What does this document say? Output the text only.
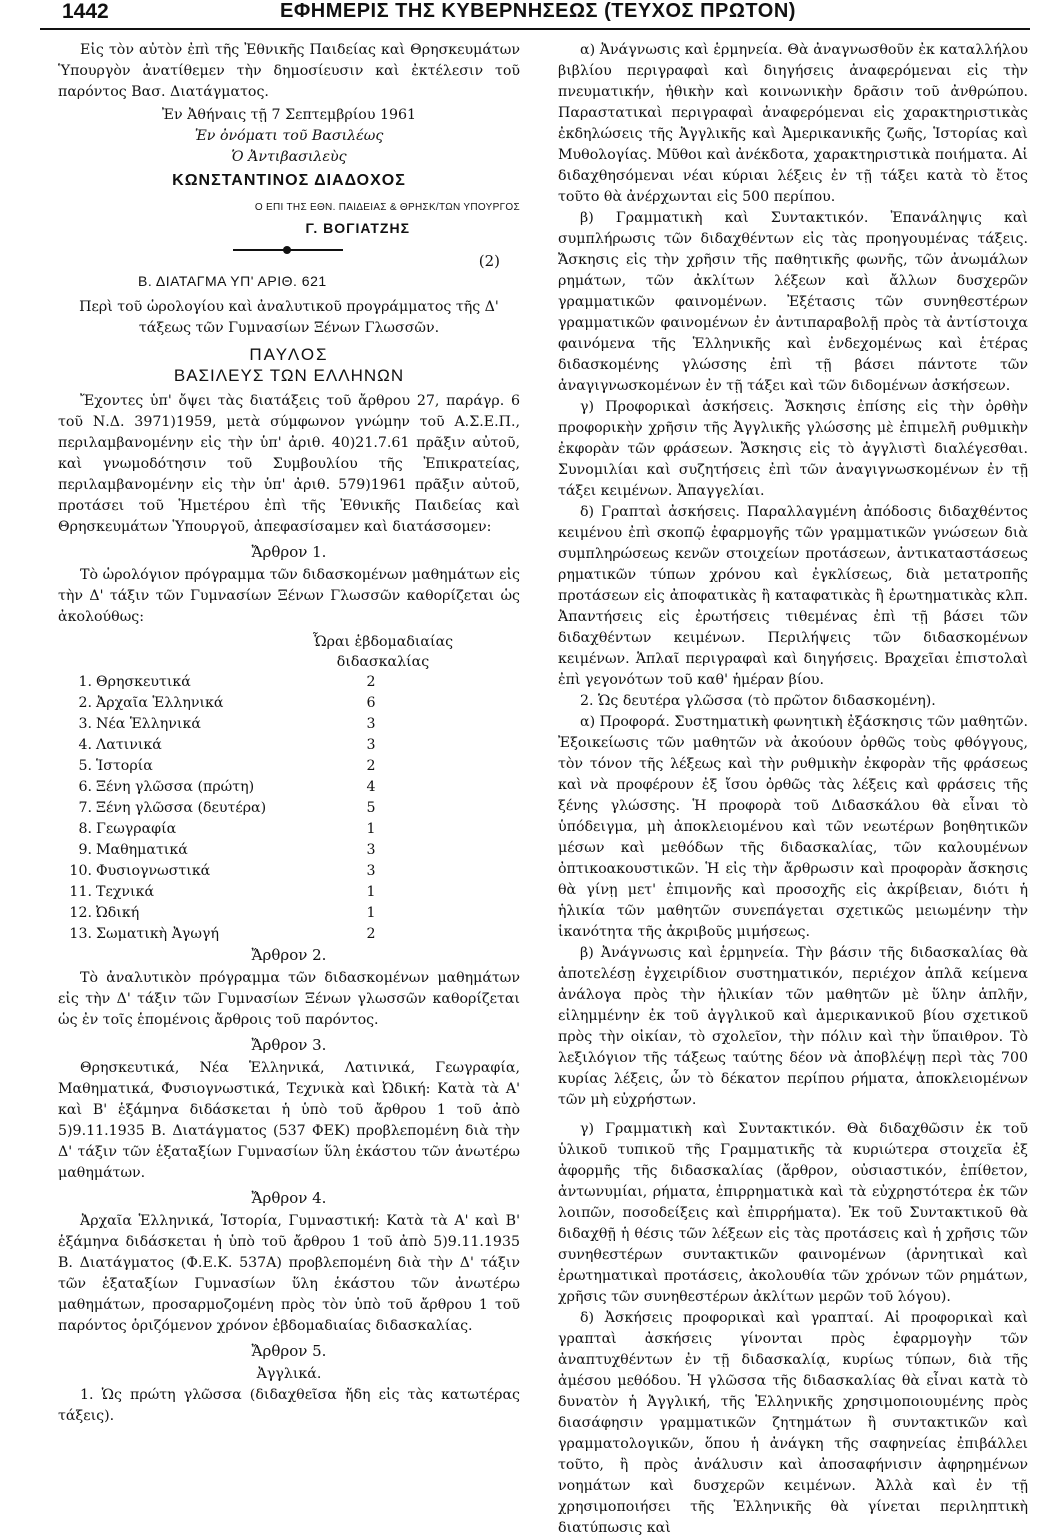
1442	ΕΦΗΜΕΡΙΣ ΤΗΣ ΚΥΒΕΡΝΗΣΕΩΣ (ΤΕΥΧΟΣ ΠΡΩΤΟΝ)

Εἰς τὸν αὐτὸν ἐπὶ τῆς Ἐθνικῆς Παιδείας καὶ Θρησκευμάτων Ὑπουργὸν ἀνατίθεμεν τὴν δημοσίευσιν καὶ ἐκτέλεσιν τοῦ παρόντος Βασ. Διατάγματος.

Ἐν Ἀθήναις τῇ 7 Σεπτεμβρίου 1961

Ἐν ὀνόματι τοῦ Βασιλέως

Ὁ Ἀντιβασιλεὺς

ΚΩΝΣΤΑΝΤΙΝΟΣ ΔΙΑΔΟΧΟΣ

Ο ΕΠΙ ΤΗΣ ΕΘΝ. ΠΑΙΔΕΙΑΣ & ΘΡΗΣΚ/ΤΩΝ ΥΠΟΥΡΓΟΣ

Γ. ΒΟΓΙΑΤΖΗΣ

(2)
Β. ΔΙΑΤΑΓΜΑ ΥΠ' ΑΡΙΘ. 621

Περὶ τοῦ ὡρολογίου καὶ ἀναλυτικοῦ προγράμματος τῆς Δ' τάξεως τῶν Γυμνασίων Ξένων Γλωσσῶν.

ΠΑΥΛΟΣ

ΒΑΣΙΛΕΥΣ ΤΩΝ ΕΛΛΗΝΩΝ

Ἔχοντες ὑπ' ὄψει τὰς διατάξεις τοῦ ἄρθρου 27, παράγρ. 6 τοῦ Ν.Δ. 3971)1959, μετὰ σύμφωνον γνώμην τοῦ Α.Σ.Ε.Π., περιλαμβανομένην εἰς τὴν ὑπ' ἀριθ. 40)21.7.61 πρᾶξιν αὐτοῦ, καὶ γνωμοδότησιν τοῦ Συμβουλίου τῆς Ἐπικρατείας, περιλαμβανομένην εἰς τὴν ὑπ' ἀριθ. 579)1961 πρᾶξιν αὐτοῦ, προτάσει τοῦ Ἡμετέρου ἐπὶ τῆς Ἐθνικῆς Παιδείας καὶ Θρησκευμάτων Ὑπουργοῦ, ἀπεφασίσαμεν καὶ διατάσσομεν:

Ἄρθρον 1.

Τὸ ὡρολόγιον πρόγραμμα τῶν διδασκομένων μαθημάτων εἰς τὴν Δ' τάξιν τῶν Γυμνασίων Ξένων Γλωσσῶν καθορίζεται ὡς ἀκολούθως:

Ὧραι ἑβδομαδιαίας

διδασκαλίας

1.	Θρησκευτικά	2
2.	Ἀρχαῖα Ἑλληνικά	6
3.	Νέα Ἑλληνικά	3
4.	Λατινικά	3
5.	Ἱστορία	2
6.	Ξένη γλῶσσα (πρώτη)	4
7.	Ξένη γλῶσσα (δευτέρα)	5
8.	Γεωγραφία	1
9.	Μαθηματικά	3
10.	Φυσιογνωστικά	3
11.	Τεχνικά	1
12.	Ὠδική	1
13.	Σωματικὴ Ἀγωγή	2

Ἄρθρον 2.

Τὸ ἀναλυτικὸν πρόγραμμα τῶν διδασκομένων μαθημάτων εἰς τὴν Δ' τάξιν τῶν Γυμνασίων Ξένων γλωσσῶν καθορίζεται ὡς ἐν τοῖς ἑπομένοις ἄρθροις τοῦ παρόντος.

Ἄρθρον 3.

Θρησκευτικά, Νέα Ἑλληνικά, Λατινικά, Γεωγραφία, Μαθηματικά, Φυσιογνωστικά, Τεχνικὰ καὶ Ὠδική: Κατὰ τὰ Α' καὶ Β' ἑξάμηνα διδάσκεται ἡ ὑπὸ τοῦ ἄρθρου 1 τοῦ ἀπὸ 5)9.11.1935 Β. Διατάγματος (537 ΦΕΚ) προβλεπομένη διὰ τὴν Δ' τάξιν τῶν ἑξαταξίων Γυμνασίων ὕλη ἑκάστου τῶν ἀνωτέρω μαθημάτων.

Ἄρθρον 4.

Ἀρχαῖα Ἑλληνικά, Ἱστορία, Γυμναστική: Κατὰ τὰ Α' καὶ Β' ἑξάμηνα διδάσκεται ἡ ὑπὸ τοῦ ἄρθρου 1 τοῦ ἀπὸ 5)9.11.1935 Β. Διατάγματος (Φ.Ε.Κ. 537Α) προβλεπομένη διὰ τὴν Δ' τάξιν τῶν ἑξαταξίων Γυμνασίων ὕλη ἑκάστου τῶν ἀνωτέρω μαθημάτων, προσαρμοζομένη πρὸς τὸν ὑπὸ τοῦ ἄρθρου 1 τοῦ παρόντος ὁριζόμενον χρόνον ἑβδομαδιαίας διδασκαλίας.

Ἄρθρον 5.

Ἀγγλικά.

1. Ὡς πρώτη γλῶσσα (διδαχθεῖσα ἤδη εἰς τὰς κατωτέρας τάξεις).

α) Ἀνάγνωσις καὶ ἑρμηνεία. Θὰ ἀναγνωσθοῦν ἐκ καταλλήλου βιβλίου περιγραφαὶ καὶ διηγήσεις ἀναφερόμεναι εἰς τὴν πνευματικήν, ἠθικὴν καὶ κοινωνικὴν δρᾶσιν τοῦ ἀνθρώπου. Παραστατικαὶ περιγραφαὶ ἀναφερόμεναι εἰς χαρακτηριστικὰς ἐκδηλώσεις τῆς Ἀγγλικῆς καὶ Ἀμερικανικῆς ζωῆς, Ἱστορίας καὶ Μυθολογίας. Μῦθοι καὶ ἀνέκδοτα, χαρακτηριστικὰ ποιήματα. Αἱ διδαχθησόμεναι νέαι κύριαι λέξεις ἐν τῇ τάξει κατὰ τὸ ἔτος τοῦτο θὰ ἀνέρχωνται εἰς 500 περίπου.

β) Γραμματικὴ καὶ Συντακτικόν. Ἐπανάληψις καὶ συμπλήρωσις τῶν διδαχθέντων εἰς τὰς προηγουμένας τάξεις. Ἄσκησις εἰς τὴν χρῆσιν τῆς παθητικῆς φωνῆς, τῶν ἀνωμάλων ρημάτων, τῶν ἀκλίτων λέξεων καὶ ἄλλων δυσχερῶν γραμματικῶν φαινομένων. Ἐξέτασις τῶν συνηθεστέρων γραμματικῶν φαινομένων ἐν ἀντιπαραβολῇ πρὸς τὰ ἀντίστοιχα φαινόμενα τῆς Ἑλληνικῆς καὶ ἐνδεχομένως καὶ ἑτέρας διδασκομένης γλώσσης ἐπὶ τῇ βάσει πάντοτε τῶν ἀναγιγνωσκομένων ἐν τῇ τάξει καὶ τῶν διδομένων ἀσκήσεων.

γ) Προφορικαὶ ἀσκήσεις. Ἄσκησις ἐπίσης εἰς τὴν ὀρθὴν προφορικὴν χρῆσιν τῆς Ἀγγλικῆς γλώσσης μὲ ἐπιμελῆ ρυθμικὴν ἐκφορὰν τῶν φράσεων. Ἄσκησις εἰς τὸ ἀγγλιστὶ διαλέγεσθαι. Συνομιλίαι καὶ συζητήσεις ἐπὶ τῶν ἀναγιγνωσκομένων ἐν τῇ τάξει κειμένων. Ἀπαγγελίαι.

δ) Γραπταὶ ἀσκήσεις. Παραλλαγμένη ἀπόδοσις διδαχθέντος κειμένου ἐπὶ σκοπῷ ἐφαρμογῆς τῶν γραμματικῶν γνώσεων διὰ συμπληρώσεως κενῶν στοιχείων προτάσεων, ἀντικαταστάσεως ρηματικῶν τύπων χρόνου καὶ ἐγκλίσεως, διὰ μετατροπῆς προτάσεων εἰς ἀποφατικὰς ἢ καταφατικὰς ἢ ἐρωτηματικὰς κλπ. Ἀπαντήσεις εἰς ἐρωτήσεις τιθεμένας ἐπὶ τῇ βάσει τῶν διδαχθέντων κειμένων. Περιλήψεις τῶν διδασκομένων κειμένων. Ἁπλαῖ περιγραφαὶ καὶ διηγήσεις. Βραχεῖαι ἐπιστολαὶ ἐπὶ γεγονότων τοῦ καθ' ἡμέραν βίου.

2. Ὡς δευτέρα γλῶσσα (τὸ πρῶτον διδασκομένη).

α) Προφορά. Συστηματικὴ φωνητικὴ ἐξάσκησις τῶν μαθητῶν. Ἐξοικείωσις τῶν μαθητῶν νὰ ἀκούουν ὀρθῶς τοὺς φθόγγους, τὸν τόνον τῆς λέξεως καὶ τὴν ρυθμικὴν ἐκφορὰν τῆς φράσεως καὶ νὰ προφέρουν ἐξ ἴσου ὀρθῶς τὰς λέξεις καὶ φράσεις τῆς ξένης γλώσσης. Ἡ προφορὰ τοῦ Διδασκάλου θὰ εἶναι τὸ ὑπόδειγμα, μὴ ἀποκλειομένου καὶ τῶν νεωτέρων βοηθητικῶν μέσων καὶ μεθόδων τῆς διδασκαλίας, τῶν καλουμένων ὀπτικοακουστικῶν. Ἡ εἰς τὴν ἄρθρωσιν καὶ προφορὰν ἄσκησις θὰ γίνῃ μετ' ἐπιμονῆς καὶ προσοχῆς εἰς ἀκρίβειαν, διότι ἡ ἡλικία τῶν μαθητῶν συνεπάγεται σχετικῶς μειωμένην τὴν ἱκανότητα τῆς ἀκριβοῦς μιμήσεως.

β) Ἀνάγνωσις καὶ ἑρμηνεία. Τὴν βάσιν τῆς διδασκαλίας θὰ ἀποτελέσῃ ἐγχειρίδιον συστηματικόν, περιέχον ἁπλᾶ κείμενα ἀνάλογα πρὸς τὴν ἡλικίαν τῶν μαθητῶν μὲ ὕλην ἁπλῆν, εἰλημμένην ἐκ τοῦ ἀγγλικοῦ καὶ ἀμερικανικοῦ βίου σχετικοῦ πρὸς τὴν οἰκίαν, τὸ σχολεῖον, τὴν πόλιν καὶ τὴν ὕπαιθρον. Τὸ λεξιλόγιον τῆς τάξεως ταύτης δέον νὰ ἀποβλέψῃ περὶ τὰς 700 κυρίας λέξεις, ὧν τὸ δέκατον περίπου ρήματα, ἀποκλειομένων τῶν μὴ εὐχρήστων.

γ) Γραμματικὴ καὶ Συντακτικόν. Θὰ διδαχθῶσιν ἐκ τοῦ ὑλικοῦ τυπικοῦ τῆς Γραμματικῆς τὰ κυριώτερα στοιχεῖα ἐξ ἀφορμῆς τῆς διδασκαλίας (ἄρθρον, οὐσιαστικόν, ἐπίθετον, ἀντωνυμίαι, ρήματα, ἐπιρρηματικὰ καὶ τὰ εὐχρηστότερα ἐκ τῶν λοιπῶν, ποσοδείξεις καὶ ἐπιρρήματα). Ἐκ τοῦ Συντακτικοῦ θὰ διδαχθῇ ἡ θέσις τῶν λέξεων εἰς τὰς προτάσεις καὶ ἡ χρῆσις τῶν συνηθεστέρων συντακτικῶν φαινομένων (ἀρνητικαὶ καὶ ἐρωτηματικαὶ προτάσεις, ἀκολουθία τῶν χρόνων τῶν ρημάτων, χρῆσις τῶν συνηθεστέρων ἀκλίτων μερῶν τοῦ λόγου).

δ) Ἀσκήσεις προφορικαὶ καὶ γραπταί. Αἱ προφορικαὶ καὶ γραπταὶ ἀσκήσεις γίνονται πρὸς ἐφαρμογὴν τῶν ἀναπτυχθέντων ἐν τῇ διδασκαλίᾳ, κυρίως τύπων, διὰ τῆς ἀμέσου μεθόδου. Ἡ γλῶσσα τῆς διδασκαλίας θὰ εἶναι κατὰ τὸ δυνατὸν ἡ Ἀγγλική, τῆς Ἑλληνικῆς χρησιμοποιουμένης πρὸς διασάφησιν γραμματικῶν ζητημάτων ἢ συντακτικῶν καὶ γραμματολογικῶν, ὅπου ἡ ἀνάγκη τῆς σαφηνείας ἐπιβάλλει τοῦτο, ἢ πρὸς ἀνάλυσιν καὶ ἀποσαφήνισιν ἀφηρημένων νοημάτων καὶ δυσχερῶν κειμένων. Ἀλλὰ καὶ ἐν τῇ χρησιμοποιήσει τῆς Ἑλληνικῆς θὰ γίνεται περιληπτικὴ διατύπωσις καὶ
